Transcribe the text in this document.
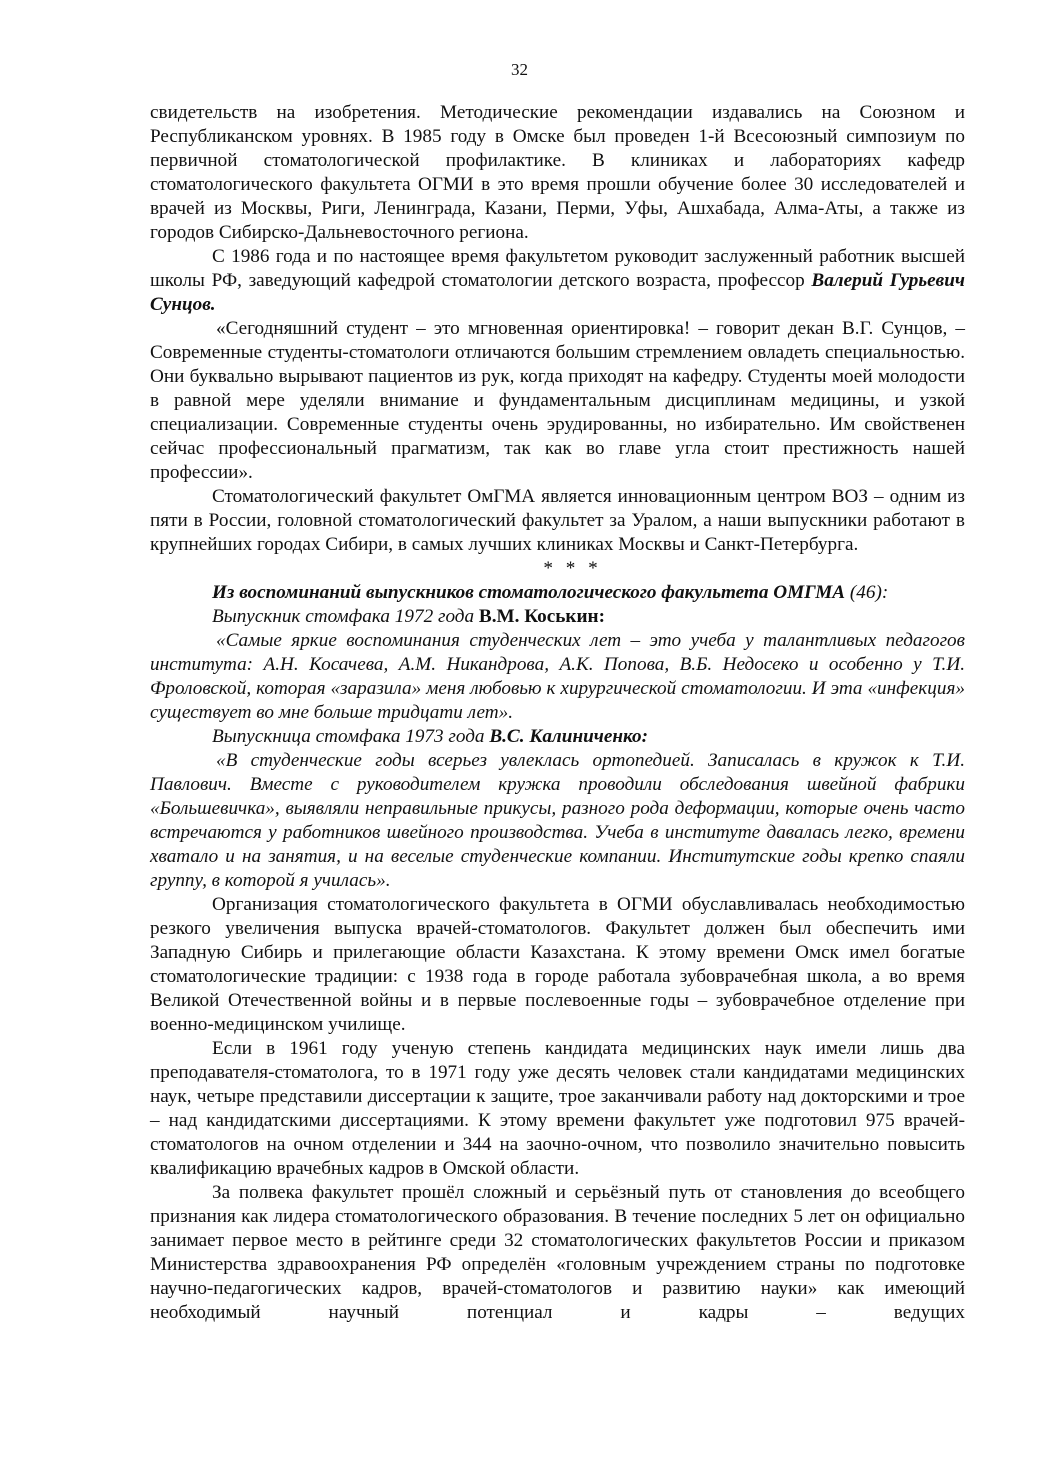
32

свидетельств на изобретения. Методические рекомендации издавались на Союзном и Республиканском уровнях. В 1985 году в Омске был проведен 1-й Всесоюзный симпозиум по первичной стоматологической профилактике. В клиниках и лабораториях кафедр стоматологического факультета ОГМИ в это время прошли обучение более 30 исследователей и врачей из Москвы, Риги, Ленинграда, Казани, Перми, Уфы, Ашхабада, Алма-Аты, а также из городов Сибирско-Дальневосточного региона.

С 1986 года и по настоящее время факультетом руководит заслуженный работник высшей школы РФ, заведующий кафедрой стоматологии детского возраста, профессор Валерий Гурьевич Сунцов.

«Сегодняшний студент – это мгновенная ориентировка! – говорит декан В.Г. Сунцов, – Современные студенты-стоматологи отличаются большим стремлением овладеть специальностью. Они буквально вырывают пациентов из рук, когда приходят на кафедру. Студенты моей молодости в равной мере уделяли внимание и фундаментальным дисциплинам медицины, и узкой специализации. Современные студенты очень эрудированны, но избирательно. Им свойственен сейчас профессиональный прагматизм, так как во главе угла стоит престижность нашей профессии».

Стоматологический факультет ОмГМА является инновационным центром ВОЗ – одним из пяти в России, головной стоматологический факультет за Уралом, а наши выпускники работают в крупнейших городах Сибири, в самых лучших клиниках Москвы и Санкт-Петербурга.

* * *

Из воспоминаний выпускников стоматологического факультета ОМГМА (46):

Выпускник стомфака 1972 года В.М. Коськин:

«Самые яркие воспоминания студенческих лет – это учеба у талантливых педагогов института: А.Н. Косачева, А.М. Никандрова, А.К. Попова, В.Б. Недосеко и особенно у Т.И. Фроловской, которая «заразила» меня любовью к хирургической стоматологии. И эта «инфекция» существует во мне больше тридцати лет».

Выпускница стомфака 1973 года В.С. Калиниченко:

«В студенческие годы всерьез увлеклась ортопедией. Записалась в кружок к Т.И. Павлович. Вместе с руководителем кружка проводили обследования швейной фабрики «Большевичка», выявляли неправильные прикусы, разного рода деформации, которые очень часто встречаются у работников швейного производства. Учеба в институте давалась легко, времени хватало и на занятия, и на веселые студенческие компании. Институтские годы крепко спаяли группу, в которой я училась».

Организация стоматологического факультета в ОГМИ обуславливалась необходимостью резкого увеличения выпуска врачей-стоматологов. Факультет должен был обеспечить ими Западную Сибирь и прилегающие области Казахстана. К этому времени Омск имел богатые стоматологические традиции: с 1938 года в городе работала зубоврачебная школа, а во время Великой Отечественной войны и в первые послевоенные годы – зубоврачебное отделение при военно-медицинском училище.

Если в 1961 году ученую степень кандидата медицинских наук имели лишь два преподавателя-стоматолога, то в 1971 году уже десять человек стали кандидатами медицинских наук, четыре представили диссертации к защите, трое заканчивали работу над докторскими и трое – над кандидатскими диссертациями. К этому времени факультет уже подготовил 975 врачей-стоматологов на очном отделении и 344 на заочно-очном, что позволило значительно повысить квалификацию врачебных кадров в Омской области.

За полвека факультет прошёл сложный и серьёзный путь от становления до всеобщего признания как лидера стоматологического образования. В течение последних 5 лет он официально занимает первое место в рейтинге среди 32 стоматологических факультетов России и приказом Министерства здравоохранения РФ определён «головным учреждением страны по подготовке научно-педагогических кадров, врачей-стоматологов и развитию науки» как имеющий необходимый научный потенциал и кадры – ведущих
